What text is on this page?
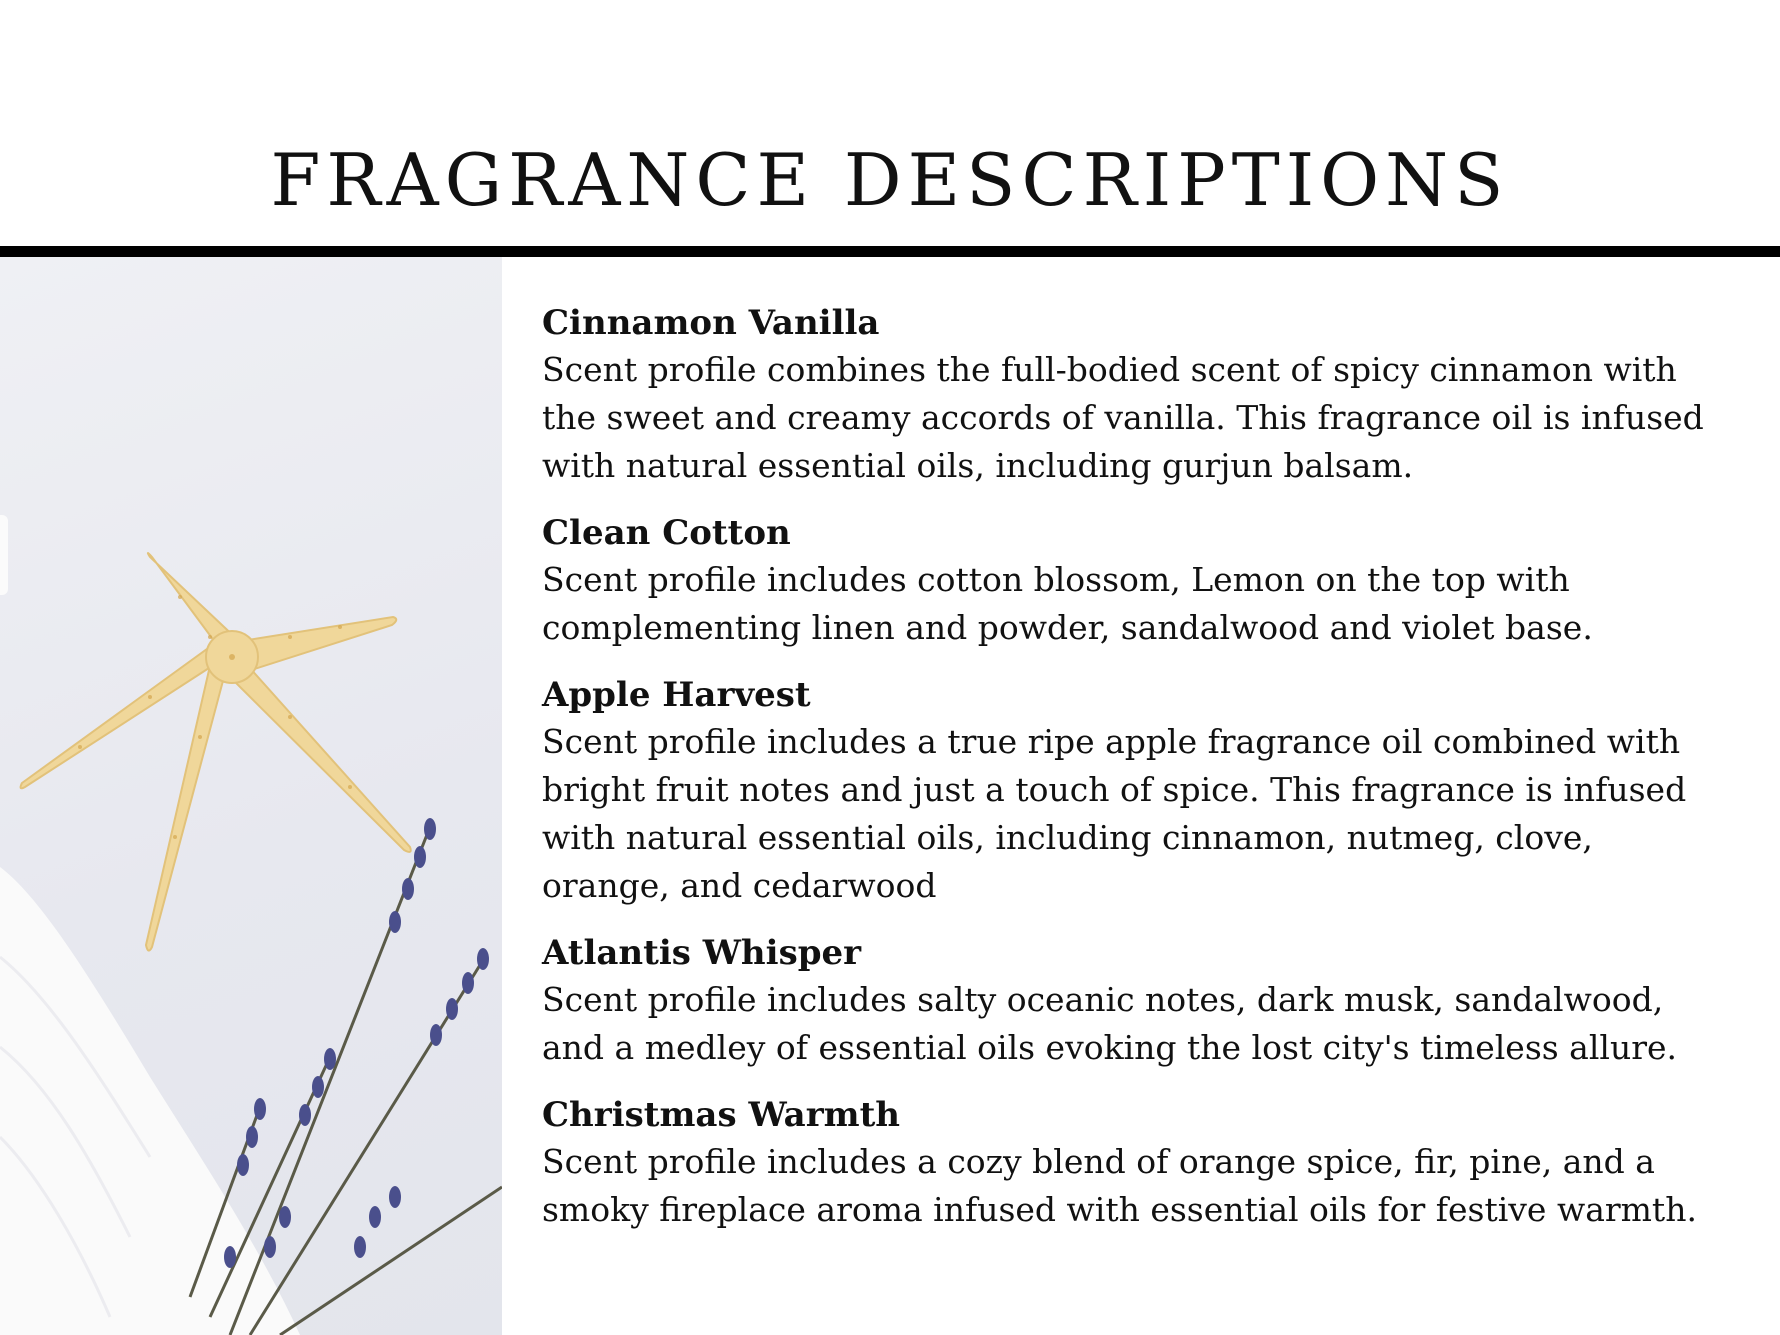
FRAGRANCE DESCRIPTIONS
Cinnamon Vanilla
Scent profile combines the full-bodied scent of spicy cinnamon with
the sweet and creamy accords of vanilla. This fragrance oil is infused
with natural essential oils, including gurjun balsam.
Clean Cotton
Scent profile includes cotton blossom, Lemon on the top with
complementing linen and powder, sandalwood and violet base.
Apple Harvest
Scent profile includes a true ripe apple fragrance oil combined with
bright fruit notes and just a touch of spice. This fragrance is infused
with natural essential oils, including cinnamon, nutmeg, clove,
orange, and cedarwood
Atlantis Whisper
Scent profile includes salty oceanic notes, dark musk, sandalwood,
and a medley of essential oils evoking the lost city's timeless allure.
Christmas Warmth
Scent profile includes a cozy blend of orange spice, fir, pine, and a
smoky fireplace aroma infused with essential oils for festive warmth.
